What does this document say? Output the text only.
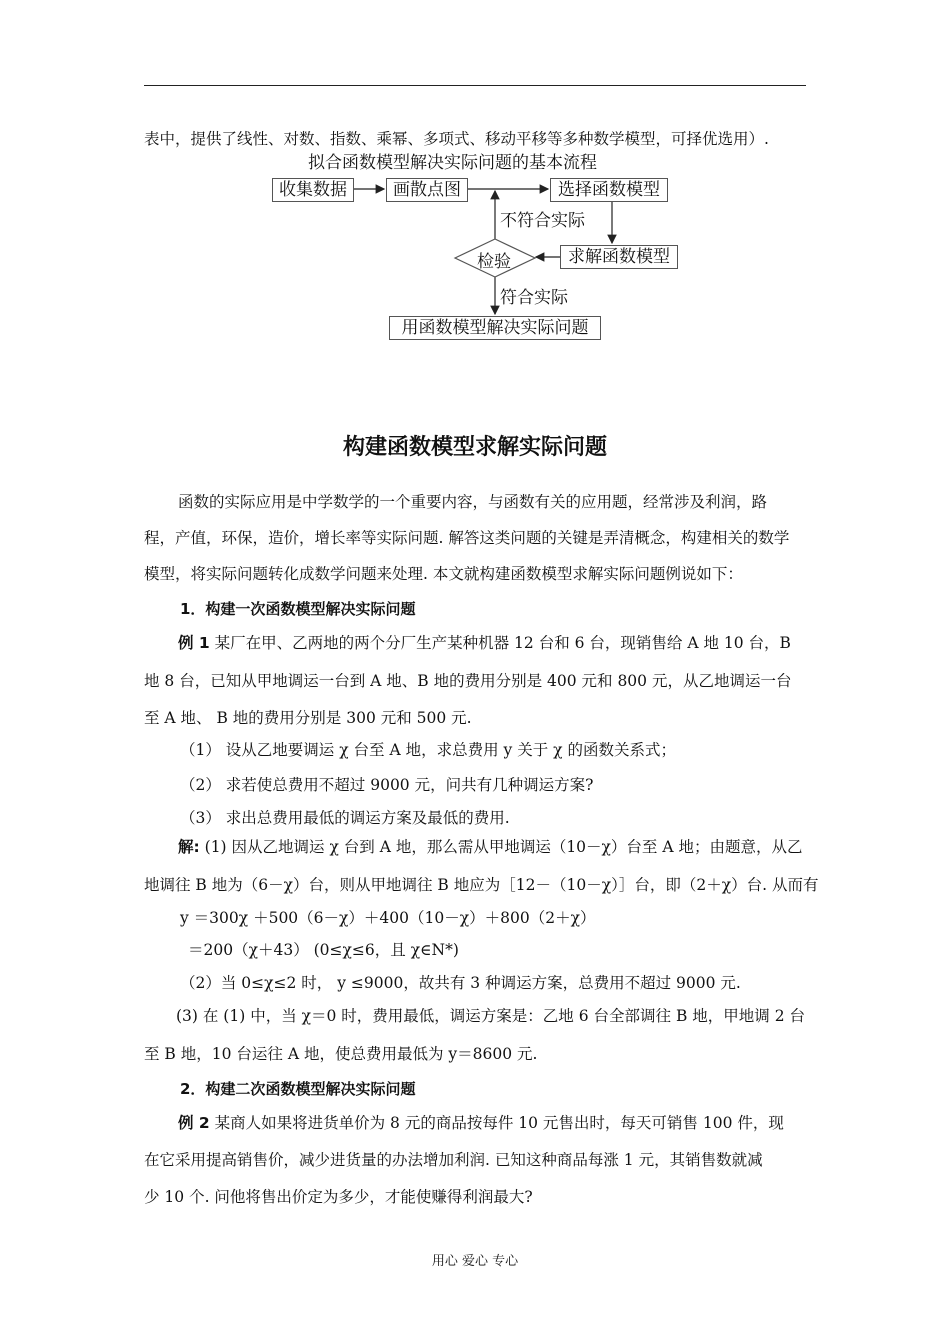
表中，提供了线性、对数、指数、乘幂、多项式、移动平移等多种数学模型，可择优选用）.
拟合函数模型解决实际问题的基本流程
收集数据	画散点图	选择函数模型
求解函数模型
检验
不符合实际
符合实际
用函数模型解决实际问题
构建函数模型求解实际问题
函数的实际应用是中学数学的一个重要内容，与函数有关的应用题，经常涉及利润，路
程，产值，环保，造价，增长率等实际问题. 解答这类问题的关键是弄清概念，构建相关的数学
模型，将实际问题转化成数学问题来处理. 本文就构建函数模型求解实际问题例说如下：
1．构建一次函数模型解决实际问题
例 1 某厂在甲、乙两地的两个分厂生产某种机器 12 台和 6 台，现销售给 A 地 10 台，B
地 8 台，已知从甲地调运一台到 A 地、B 地的费用分别是 400 元和 800 元，从乙地调运一台
至 A 地、 B 地的费用分别是 300 元和 500 元.
（1） 设从乙地要调运 χ 台至 A 地，求总费用 y 关于 χ 的函数关系式；
（2） 求若使总费用不超过 9000 元，问共有几种调运方案?
（3） 求出总费用最低的调运方案及最低的费用.
解: (1) 因从乙地调运 χ 台到 A 地，那么需从甲地调运（10－χ）台至 A 地；由题意，从乙
地调往 B 地为（6－χ）台，则从甲地调往 B 地应为［12－（10－χ）］台，即（2＋χ）台. 从而有
y ＝300χ ＋500（6－χ）＋400（10－χ）＋800（2＋χ）
＝200（χ＋43） (0≤χ≤6，且 χ∈N*)
（2）当 0≤χ≤2 时， y ≤9000，故共有 3 种调运方案，总费用不超过 9000 元.
(3) 在 (1) 中，当 χ＝0 时，费用最低，调运方案是：乙地 6 台全部调往 B 地，甲地调 2 台
至 B 地，10 台运往 A 地，使总费用最低为 y＝8600 元.
2．构建二次函数模型解决实际问题
例 2 某商人如果将进货单价为 8 元的商品按每件 10 元售出时，每天可销售 100 件，现
在它采用提高销售价，减少进货量的办法增加利润. 已知这种商品每涨 1 元，其销售数就减
少 10 个. 问他将售出价定为多少，才能使赚得利润最大?
用心 爱心 专心
